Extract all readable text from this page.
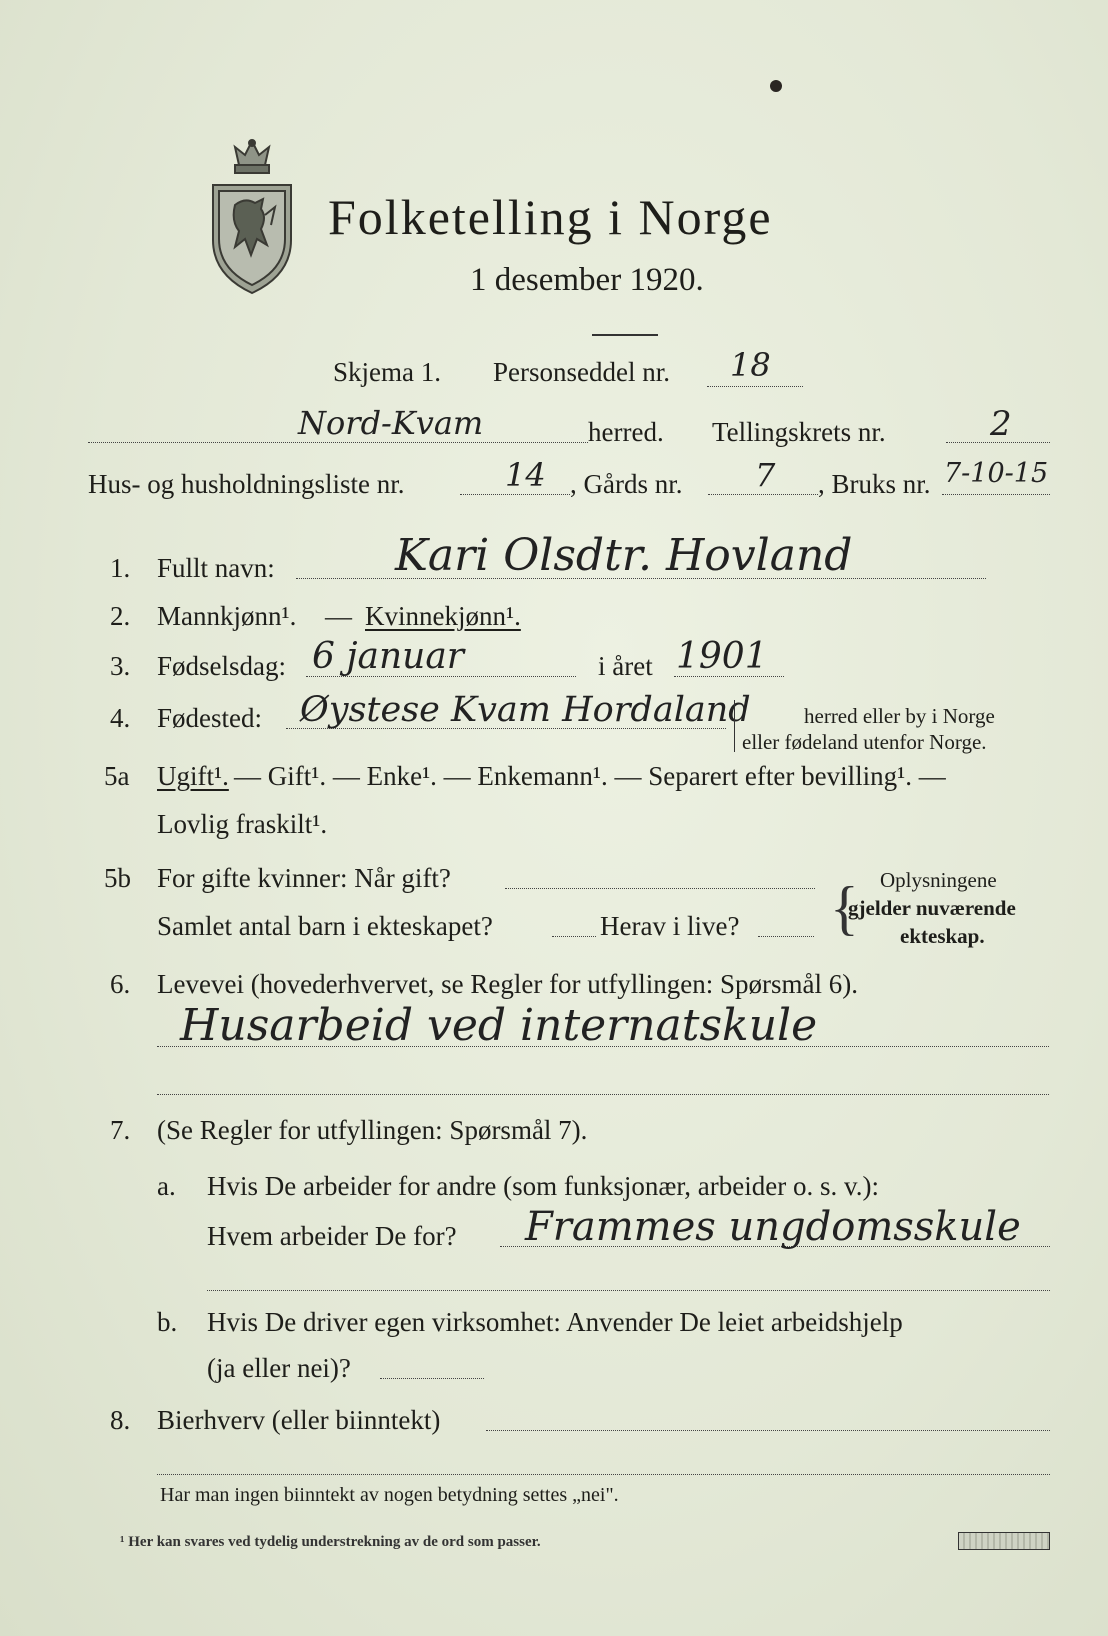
Folketelling i Norge
1 desember 1920.
Skjema 1. Personseddel nr. 18
Nord-Kvam	herred. Tellingskrets nr.	2
Hus- og husholdningsliste nr.	14 , Gårds nr. 7 , Bruks nr. 7-10-15
1. Fullt navn:	Kari Olsdtr. Hovland
2. Mannkjønn¹. — Kvinnekjønn¹.
3. Fødselsdag: 6 januar	i året 1901
4. Fødested: Øystese Kvam Hordaland	herred eller by i Norge
eller fødeland utenfor Norge.
5a Ugift¹. — Gift¹. — Enke¹. — Enkemann¹. — Separert efter bevilling¹. —
Lovlig fraskilt¹.
5b For gifte kvinner: Når gift?
Samlet antal barn i ekteskapet?	Herav i live? { Oplysningene
gjelder nuværende
ekteskap.
6. Levevei (hovederhvervet, se Regler for utfyllingen: Spørsmål 6).
Husarbeid ved internatskule
7. (Se Regler for utfyllingen: Spørsmål 7).
a. Hvis De arbeider for andre (som funksjonær, arbeider o. s. v.):
Hvem arbeider De for? Frammes ungdomsskule
b. Hvis De driver egen virksomhet: Anvender De leiet arbeidshjelp
(ja eller nei)?
8. Bierhverv (eller biinntekt)
Har man ingen biinntekt av nogen betydning settes „nei".
¹ Her kan svares ved tydelig understrekning av de ord som passer.
